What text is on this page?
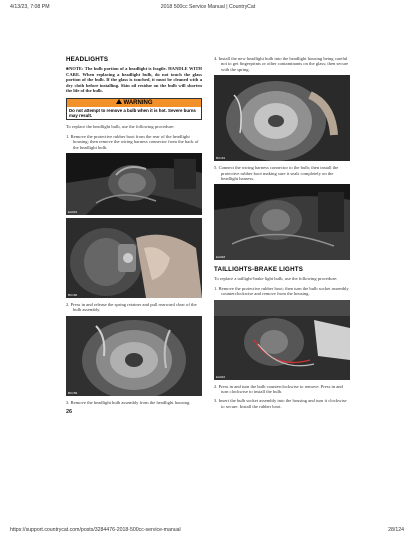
4/13/23, 7:08 PM	2018 500cc Service Manual | CountryCat
HEADLIGHTS
■NOTE: The bulb portion of a headlight is fragile. HANDLE WITH CARE. When replacing a headlight bulb, do not touch the glass portion of the bulb. If the glass is touched, it must be cleaned with a dry cloth before installing. Skin oil residue on the bulb will shorten the life of the bulb.
WARNING
Do not attempt to remove a bulb when it is hot. Severe burns may result.
To replace the headlight bulb, use the following procedure:
1. Remove the protective rubber boot from the rear of the headlight housing; then remove the wiring harness connector from the back of the headlight bulb.
EA019
BC160
2. Press in and release the spring retainer and pull rearward clear of the bulb assembly.
BC159
3. Remove the headlight bulb assembly from the headlight housing.
26
4. Install the new headlight bulb into the headlight housing being careful not to get fingerprints or other contaminants on the glass; then secure with the spring.
BC161
5. Connect the wiring harness connector to the bulb; then install the protective rubber boot making sure it seals completely on the headlight harness.
EA018
TAILLIGHTS-BRAKE LIGHTS
To replace a taillight-brake light bulb, use the following procedure:
1. Remove the protective rubber boot; then turn the bulb socket assembly counterclockwise and remove from the housing.
EA016
2. Press in and turn the bulb counterclockwise to remove. Press in and turn clockwise to install the bulb.
3. Insert the bulb socket assembly into the housing and turn it clockwise to secure. Install the rubber boot.
https://support.countrycat.com/posts/3284476-2018-500cc-service-manual	28/124
